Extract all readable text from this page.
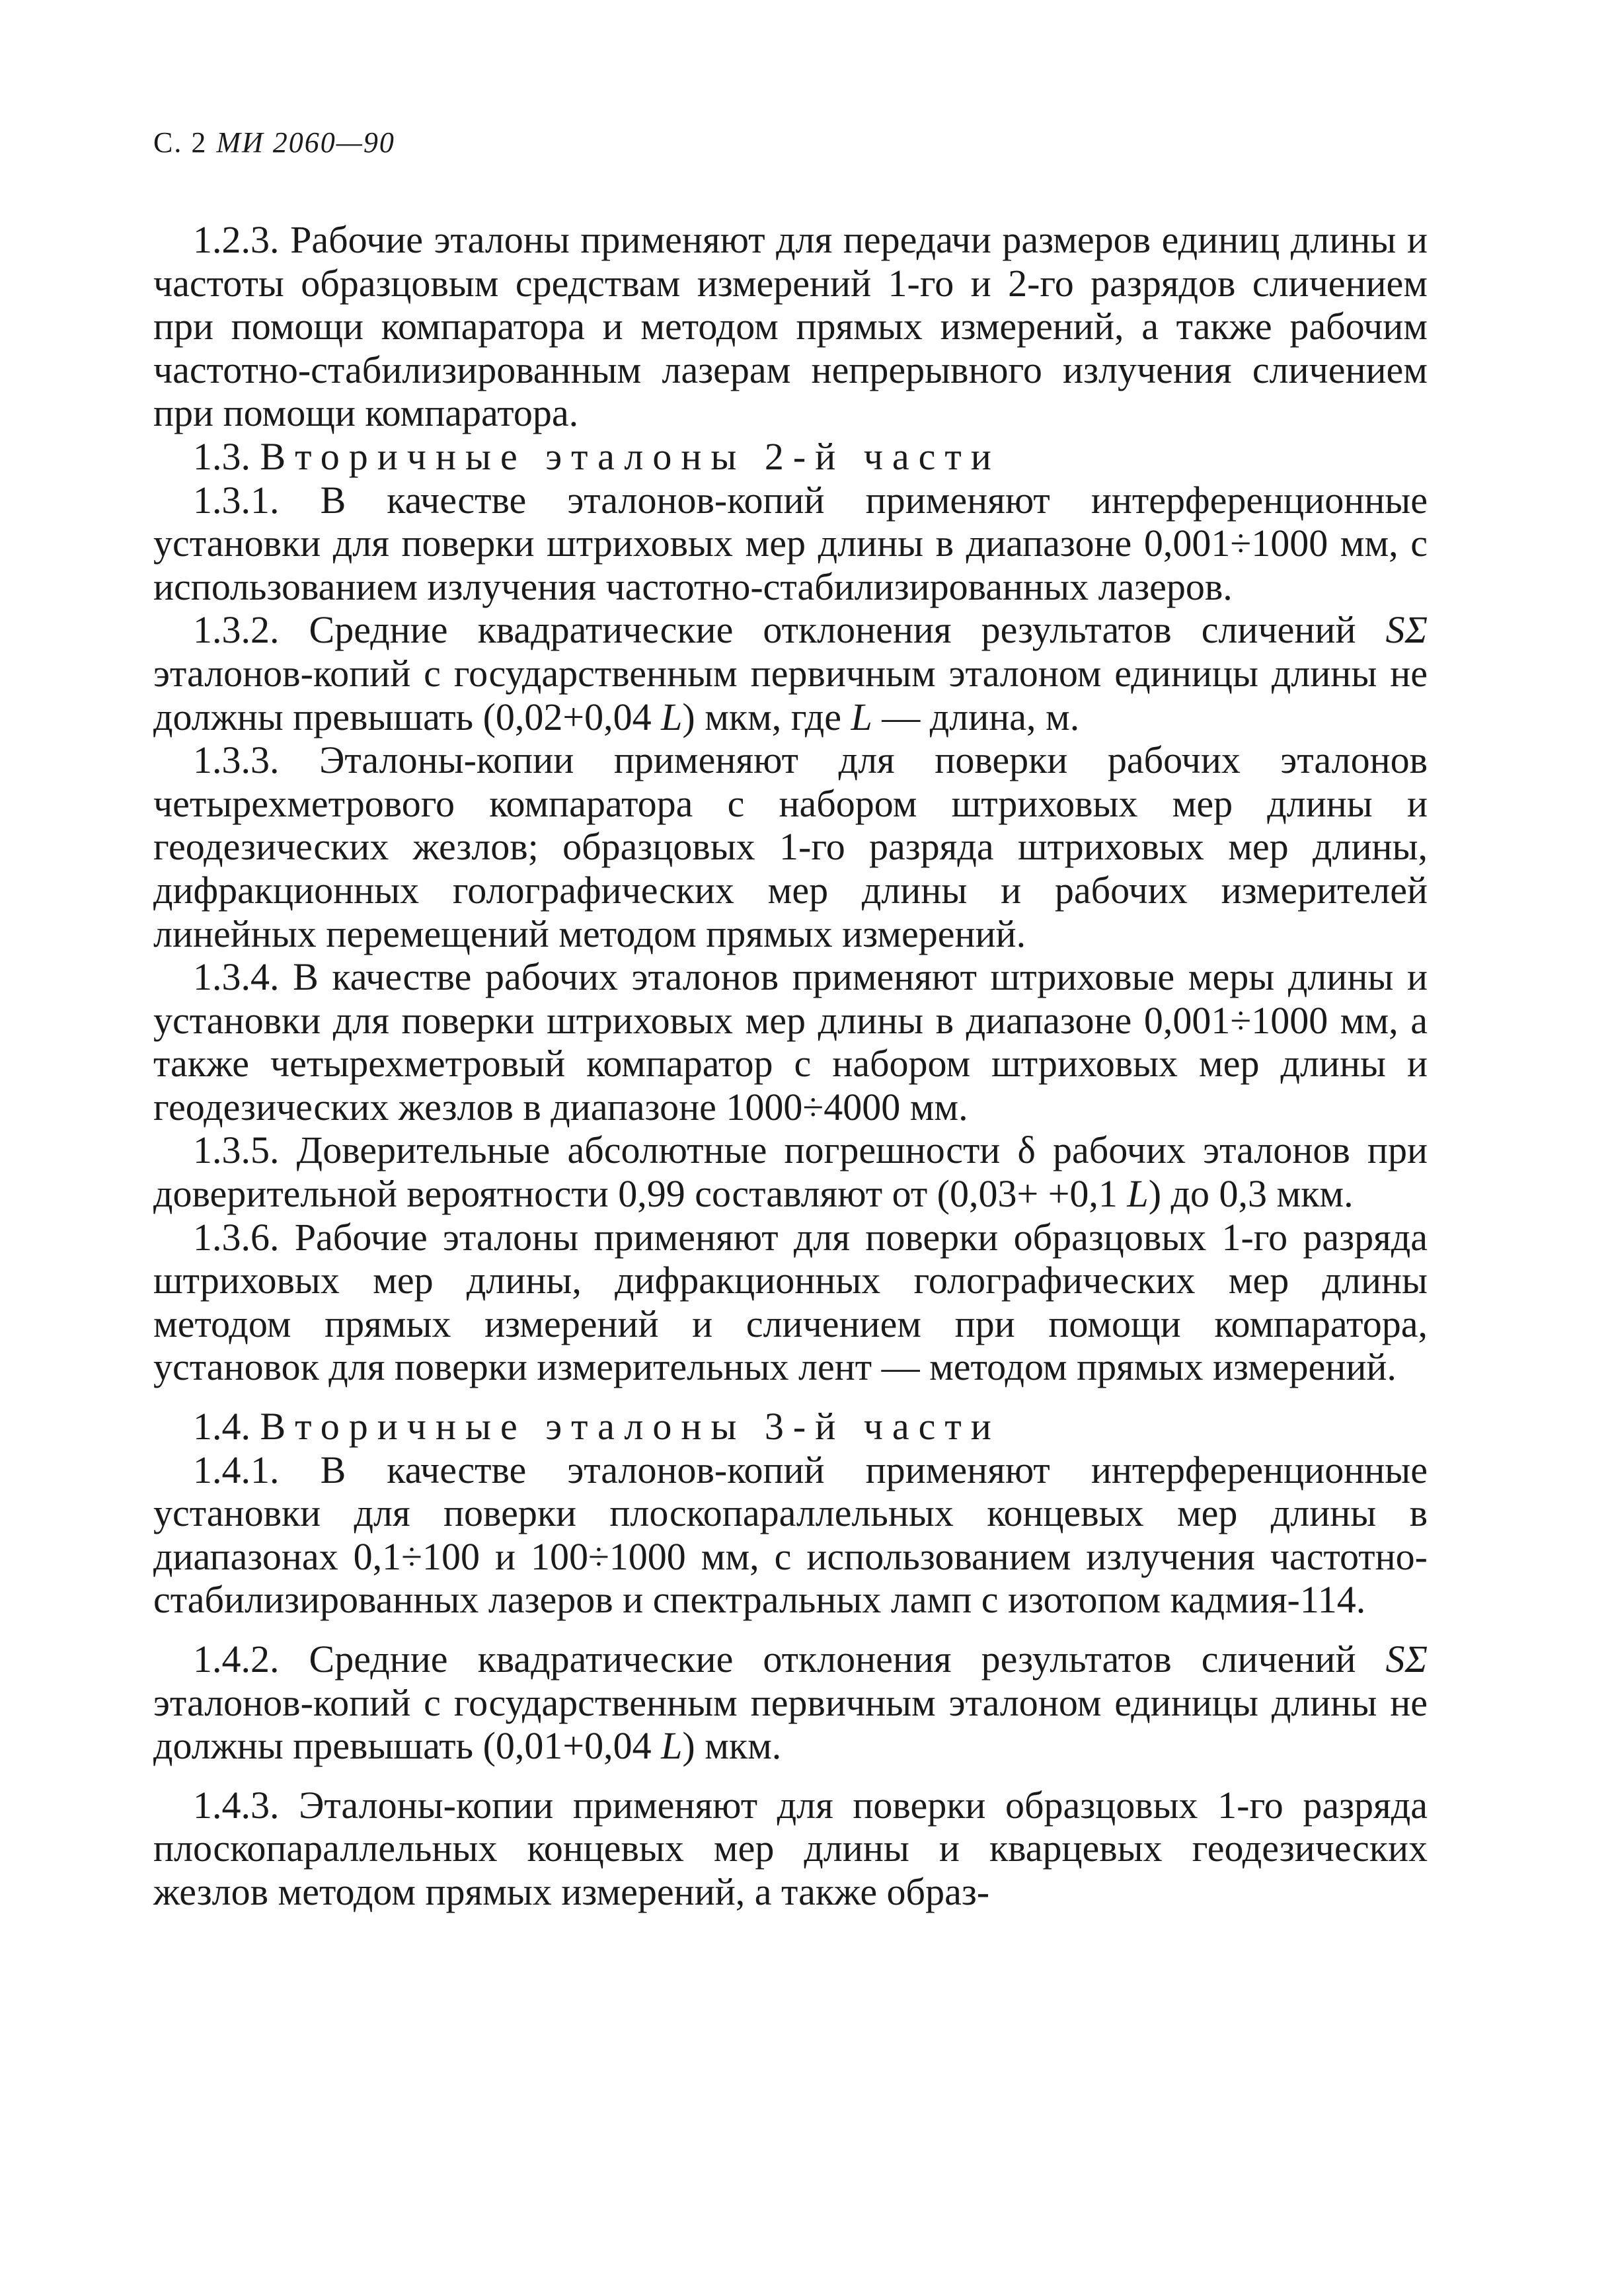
С. 2 МИ 2060—90

1.2.3. Рабочие эталоны применяют для передачи размеров единиц длины и частоты образцовым средствам измерений 1-го и 2-го разрядов сличением при помощи компаратора и методом прямых измерений, а также рабочим частотно-стабилизированным лазерам непрерывного излучения сличением при помощи компаратора.

1.3. Вторичные эталоны 2-й части

1.3.1. В качестве эталонов-копий применяют интерференционные установки для поверки штриховых мер длины в диапазоне 0,001÷1000 мм, с использованием излучения частотно-стабилизированных лазеров.

1.3.2. Средние квадратические отклонения результатов сличений SΣ эталонов-копий с государственным первичным эталоном единицы длины не должны превышать (0,02+0,04 L) мкм, где L — длина, м.

1.3.3. Эталоны-копии применяют для поверки рабочих эталонов четырехметрового компаратора с набором штриховых мер длины и геодезических жезлов; образцовых 1-го разряда штриховых мер длины, дифракционных голографических мер длины и рабочих измерителей линейных перемещений методом прямых измерений.

1.3.4. В качестве рабочих эталонов применяют штриховые меры длины и установки для поверки штриховых мер длины в диапазоне 0,001÷1000 мм, а также четырехметровый компаратор с набором штриховых мер длины и геодезических жезлов в диапазоне 1000÷4000 мм.

1.3.5. Доверительные абсолютные погрешности δ рабочих эталонов при доверительной вероятности 0,99 составляют от (0,03+ +0,1 L) до 0,3 мкм.

1.3.6. Рабочие эталоны применяют для поверки образцовых 1-го разряда штриховых мер длины, дифракционных голографических мер длины методом прямых измерений и сличением при помощи компаратора, установок для поверки измерительных лент — методом прямых измерений.

1.4. Вторичные эталоны 3-й части

1.4.1. В качестве эталонов-копий применяют интерференционные установки для поверки плоскопараллельных концевых мер длины в диапазонах 0,1÷100 и 100÷1000 мм, с использованием излучения частотно-стабилизированных лазеров и спектральных ламп с изотопом кадмия-114.

1.4.2. Средние квадратические отклонения результатов сличений SΣ эталонов-копий с государственным первичным эталоном единицы длины не должны превышать (0,01+0,04 L) мкм.

1.4.3. Эталоны-копии применяют для поверки образцовых 1-го разряда плоскопараллельных концевых мер длины и кварцевых геодезических жезлов методом прямых измерений, а также образ-
